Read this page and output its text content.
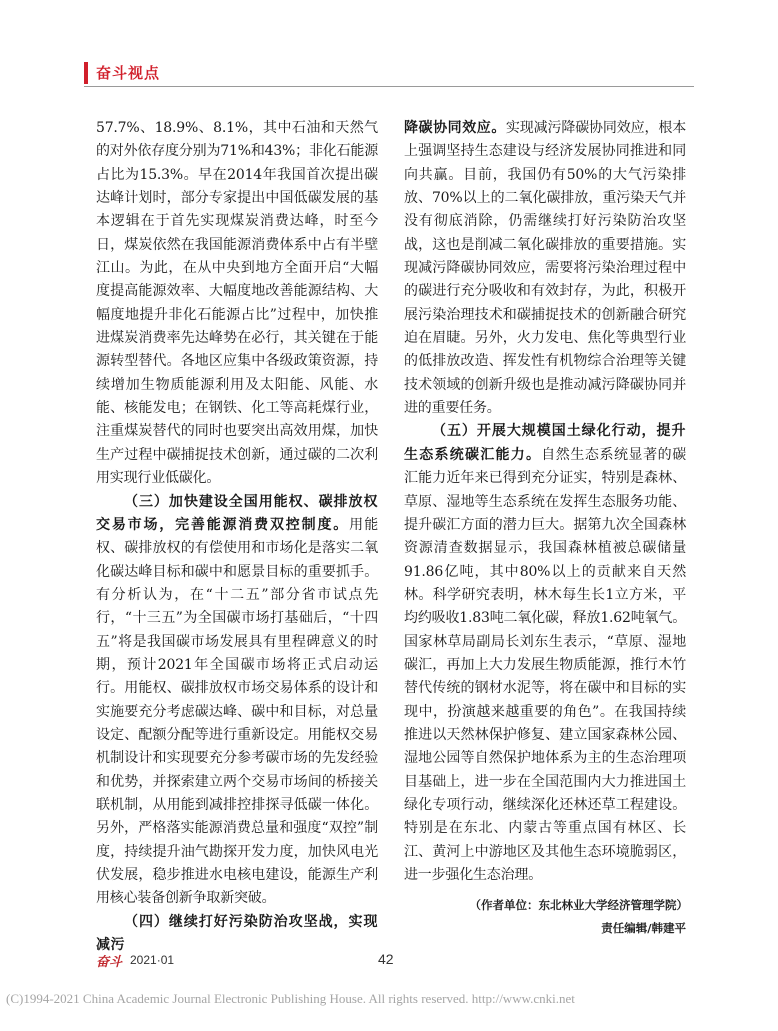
奋斗视点

57.7%、18.9%、8.1%，其中石油和天然气的对外依存度分别为71%和43%；非化石能源占比为15.3%。早在2014年我国首次提出碳达峰计划时，部分专家提出中国低碳发展的基本逻辑在于首先实现煤炭消费达峰，时至今日，煤炭依然在我国能源消费体系中占有半壁江山。为此，在从中央到地方全面开启“大幅度提高能源效率、大幅度地改善能源结构、大幅度地提升非化石能源占比”过程中，加快推进煤炭消费率先达峰势在必行，其关键在于能源转型替代。各地区应集中各级政策资源，持续增加生物质能源利用及太阳能、风能、水能、核能发电；在钢铁、化工等高耗煤行业，注重煤炭替代的同时也要突出高效用煤，加快生产过程中碳捕捉技术创新，通过碳的二次利用实现行业低碳化。

（三）加快建设全国用能权、碳排放权交易市场，完善能源消费双控制度。用能权、碳排放权的有偿使用和市场化是落实二氧化碳达峰目标和碳中和愿景目标的重要抓手。有分析认为，在“十二五”部分省市试点先行，“十三五”为全国碳市场打基础后，“十四五”将是我国碳市场发展具有里程碑意义的时期，预计2021年全国碳市场将正式启动运行。用能权、碳排放权市场交易体系的设计和实施要充分考虑碳达峰、碳中和目标，对总量设定、配额分配等进行重新设定。用能权交易机制设计和实现要充分参考碳市场的先发经验和优势，并探索建立两个交易市场间的桥接关联机制，从用能到减排控排探寻低碳一体化。另外，严格落实能源消费总量和强度“双控”制度，持续提升油气勘探开发力度，加快风电光伏发展，稳步推进水电核电建设，能源生产利用核心装备创新争取新突破。

（四）继续打好污染防治攻坚战，实现减污

降碳协同效应。实现减污降碳协同效应，根本上强调坚持生态建设与经济发展协同推进和同向共赢。目前，我国仍有50%的大气污染排放、70%以上的二氧化碳排放，重污染天气并没有彻底消除，仍需继续打好污染防治攻坚战，这也是削减二氧化碳排放的重要措施。实现减污降碳协同效应，需要将污染治理过程中的碳进行充分吸收和有效封存，为此，积极开展污染治理技术和碳捕捉技术的创新融合研究迫在眉睫。另外，火力发电、焦化等典型行业的低排放改造、挥发性有机物综合治理等关键技术领域的创新升级也是推动减污降碳协同并进的重要任务。

（五）开展大规模国土绿化行动，提升生态系统碳汇能力。自然生态系统显著的碳汇能力近年来已得到充分证实，特别是森林、草原、湿地等生态系统在发挥生态服务功能、提升碳汇方面的潜力巨大。据第九次全国森林资源清查数据显示，我国森林植被总碳储量91.86亿吨，其中80%以上的贡献来自天然林。科学研究表明，林木每生长1立方米，平均约吸收1.83吨二氧化碳，释放1.62吨氧气。国家林草局副局长刘东生表示，“草原、湿地碳汇，再加上大力发展生物质能源，推行木竹替代传统的钢材水泥等，将在碳中和目标的实现中，扮演越来越重要的角色”。在我国持续推进以天然林保护修复、建立国家森林公园、湿地公园等自然保护地体系为主的生态治理项目基础上，进一步在全国范围内大力推进国土绿化专项行动，继续深化还林还草工程建设。特别是在东北、内蒙古等重点国有林区、长江、黄河上中游地区及其他生态环境脆弱区，进一步强化生态治理。

（作者单位：东北林业大学经济管理学院）
责任编辑/韩建平
奋斗 2021·01	42
(C)1994-2021 China Academic Journal Electronic Publishing House. All rights reserved. http://www.cnki.net
